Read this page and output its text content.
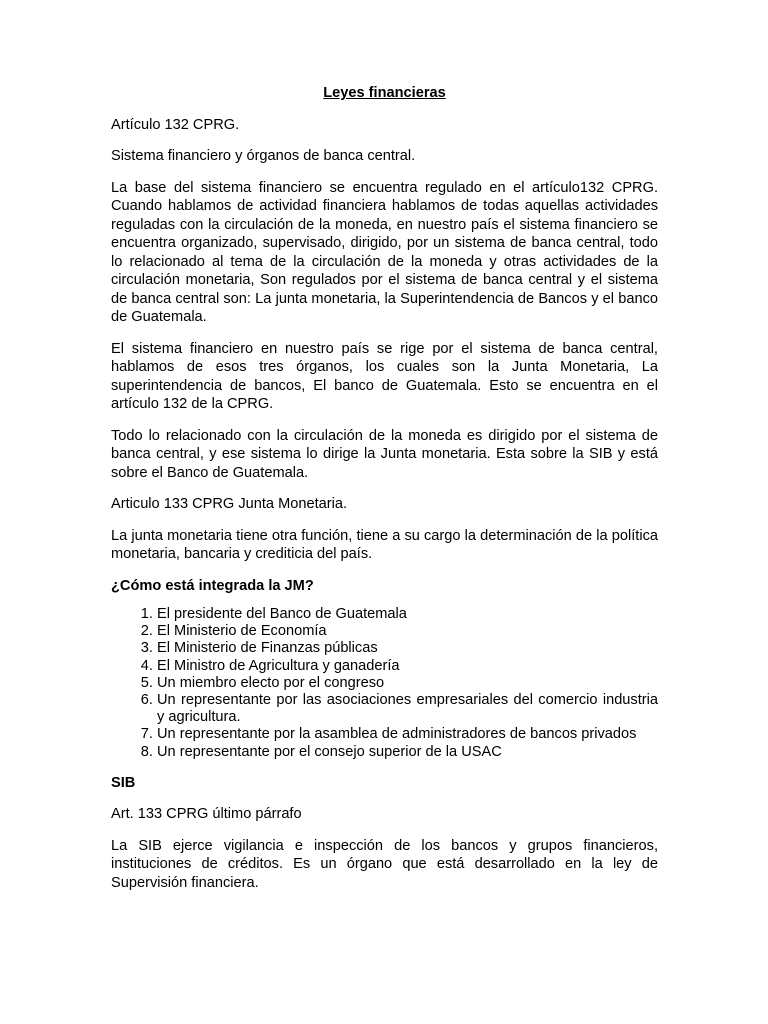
Leyes financieras

Artículo 132 CPRG.

Sistema financiero y órganos de banca central.

La base del sistema financiero se encuentra regulado en el artículo132 CPRG. Cuando hablamos de actividad financiera hablamos de todas aquellas actividades reguladas con la circulación de la moneda, en nuestro país el sistema financiero se encuentra organizado, supervisado, dirigido, por un sistema de banca central, todo lo relacionado al tema de la circulación de la moneda y otras actividades de la circulación monetaria, Son regulados por el sistema de banca central y el sistema de banca central son: La junta monetaria, la Superintendencia de Bancos y el banco de Guatemala.

El sistema financiero en nuestro país se rige por el sistema de banca central, hablamos de esos tres órganos, los cuales son la Junta Monetaria, La superintendencia de bancos, El banco de Guatemala. Esto se encuentra en el artículo 132 de la CPRG.

Todo lo relacionado con la circulación de la moneda es dirigido por el sistema de banca central, y ese sistema lo dirige la Junta monetaria. Esta sobre la SIB y está sobre el Banco de Guatemala.

Articulo 133 CPRG Junta Monetaria.

La junta monetaria tiene otra función, tiene a su cargo la determinación de la política monetaria, bancaria y crediticia del país.

¿Cómo está integrada la JM?
1. El presidente del Banco de Guatemala
2. El Ministerio de Economía
3. El Ministerio de Finanzas públicas
4. El Ministro de Agricultura y ganadería
5. Un miembro electo por el congreso
6. Un representante por las asociaciones empresariales del comercio industria y agricultura.
7. Un representante por la asamblea de administradores de bancos privados
8. Un representante por el consejo superior de la USAC
SIB

Art. 133 CPRG último párrafo

La SIB ejerce vigilancia e inspección de los bancos y grupos financieros, instituciones de créditos. Es un órgano que está desarrollado en la ley de Supervisión financiera.
